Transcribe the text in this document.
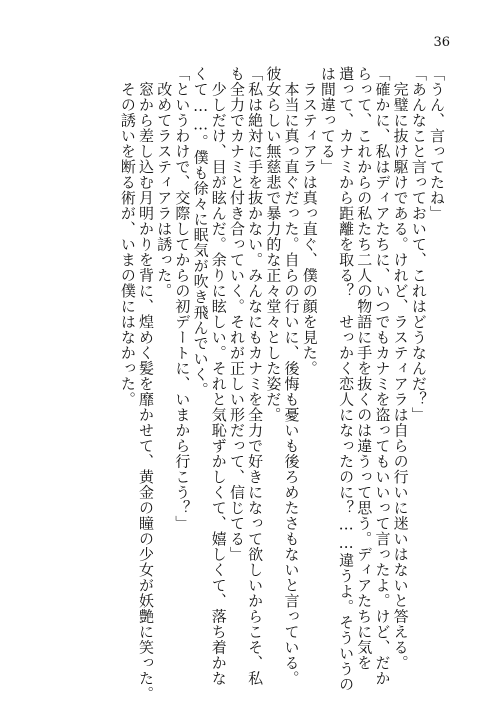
36
「うん、言ってたね」
「あんなこと言っておいて、これはどうなんだ？」
　完璧に抜け駆けである。けれど、ラスティアラは自らの行いに迷いはないと答える。
「確かに、私はディアたちに、いつでもカナミを盗ってもいいって言ったよ。けど、だか
らって、これからの私たち二人の物語に手を抜くのは違うって思う。ディアたちに気を
遣って、カナミから距離を取る？　せっかく恋人になったのに？……違うよ。そういうの
は間違ってる」
　ラスティアラは真っ直ぐ、僕の顔を見た。
　本当に真っ直ぐだった。自らの行いに、後悔も憂いも後ろめたさもないと言っている。
彼女らしい無慈悲で暴力的な正々堂々とした姿だ。
「私は絶対に手を抜かない。みんなにもカナミを全力で好きになって欲しいからこそ、私
も全力でカナミと付き合っていく。それが正しい形だって、信じてる」
　少しだけ、目が眩んだ。余りに眩しい。それと気恥ずかしくて、嬉しくて、落ち着かな
くて……。僕も徐々に眠気が吹き飛んでいく。
「というわけで、交際してからの初デートに、いまから行こう？」
　改めてラスティアラは誘った。
　窓から差し込む月明かりを背に、煌めく髪を靡かせて、黄金の瞳の少女が妖艶に笑った。
　その誘いを断る術が、いまの僕にはなかった。
